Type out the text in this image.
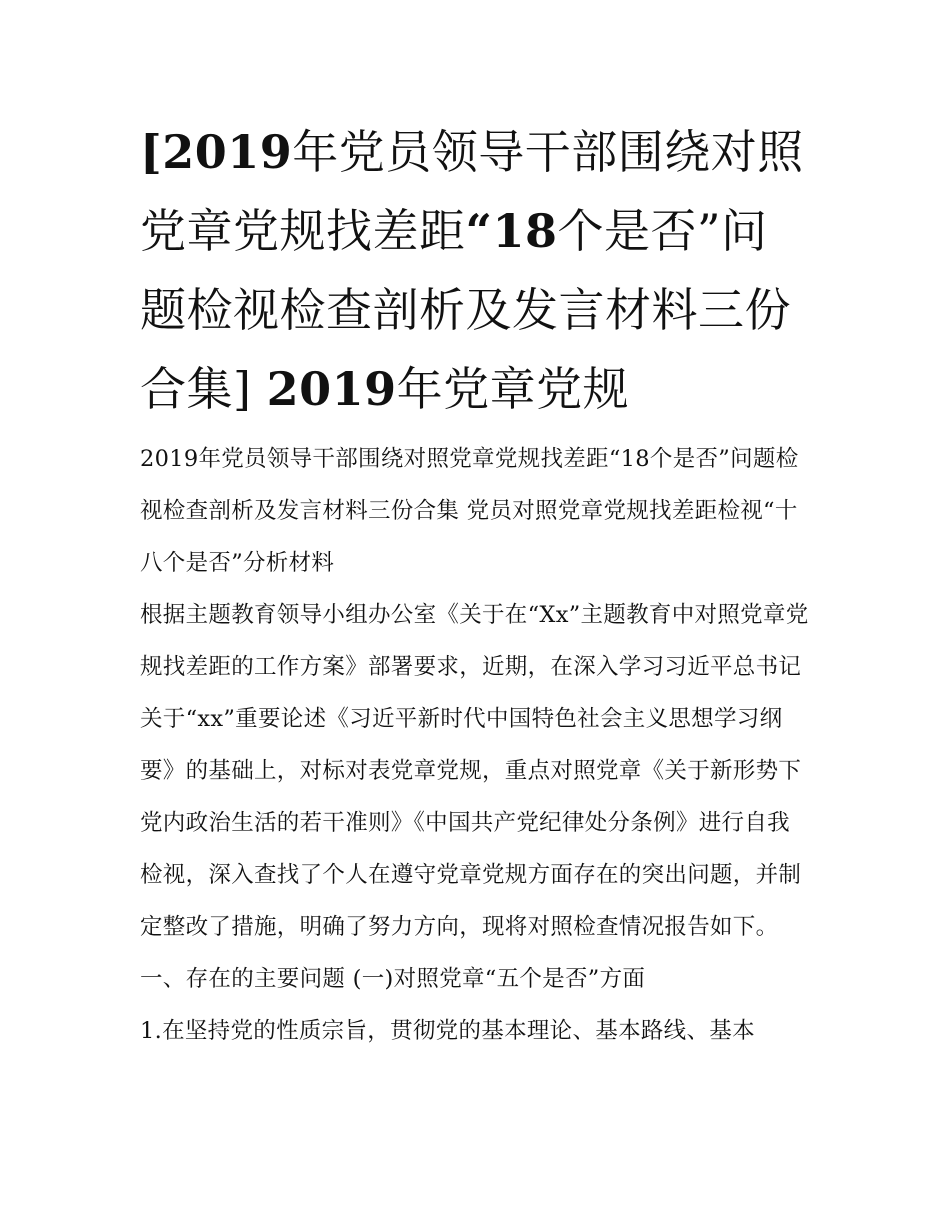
[2019年党员领导干部围绕对照党章党规找差距“18个是否”问题检视检查剖析及发言材料三份合集] 2019年党章党规

2019年党员领导干部围绕对照党章党规找差距“18个是否”问题检视检查剖析及发言材料三份合集 党员对照党章党规找差距检视“十八个是否”分析材料

根据主题教育领导小组办公室《关于在“Xx”主题教育中对照党章党规找差距的工作方案》部署要求，近期，在深入学习习近平总书记关于“xx”重要论述《习近平新时代中国特色社会主义思想学习纲要》的基础上，对标对表党章党规，重点对照党章《关于新形势下党内政治生活的若干准则》《中国共产党纪律处分条例》进行自我检视，深入查找了个人在遵守党章党规方面存在的突出问题，并制定整改了措施，明确了努力方向，现将对照检查情况报告如下。

一、存在的主要问题 (一)对照党章“五个是否”方面

1.在坚持党的性质宗旨，贯彻党的基本理论、基本路线、基本
